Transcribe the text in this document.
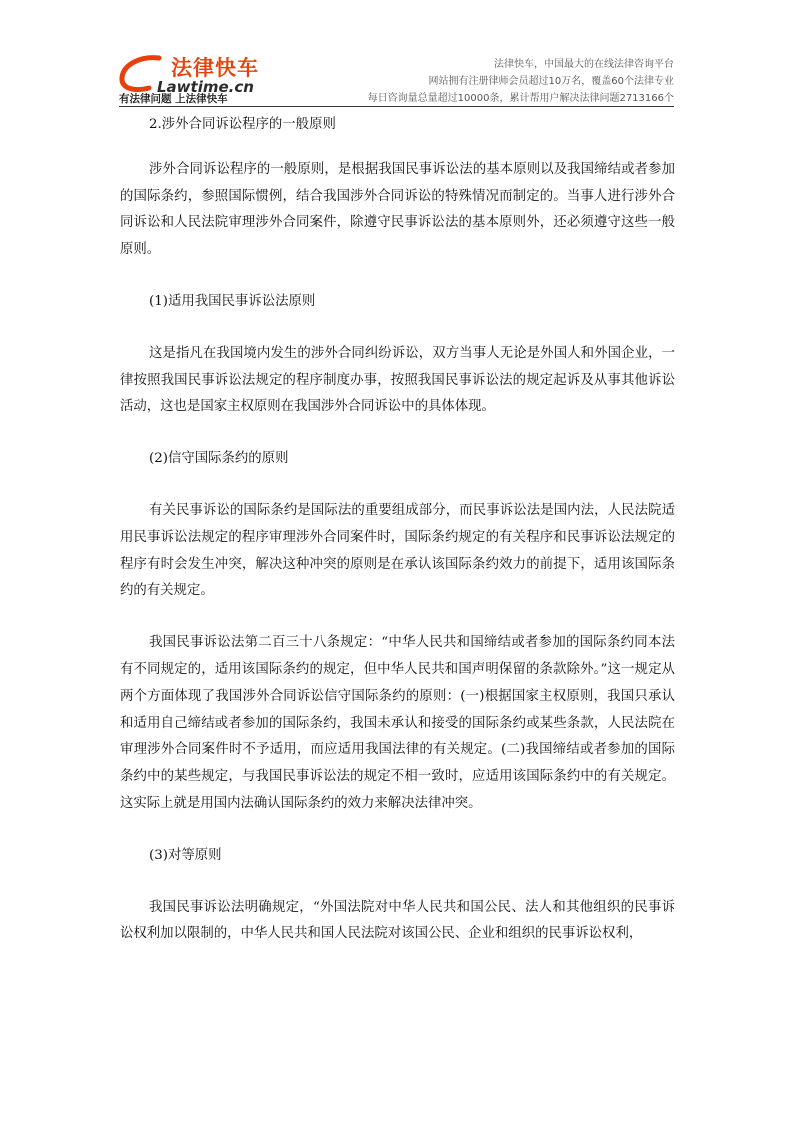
法律快车
Lawtime.cn
有法律问题 上法律快车
法律快车，中国最大的在线法律咨询平台
网站拥有注册律师会员超过10万名，覆盖60个法律专业
每日咨询量总量超过10000条，累计帮用户解决法律问题2713166个

2.涉外合同诉讼程序的一般原则

涉外合同诉讼程序的一般原则，是根据我国民事诉讼法的基本原则以及我国缔结或者参加的国际条约，参照国际惯例，结合我国涉外合同诉讼的特殊情况而制定的。当事人进行涉外合同诉讼和人民法院审理涉外合同案件，除遵守民事诉讼法的基本原则外，还必须遵守这些一般原则。

(1)适用我国民事诉讼法原则

这是指凡在我国境内发生的涉外合同纠纷诉讼，双方当事人无论是外国人和外国企业，一律按照我国民事诉讼法规定的程序制度办事，按照我国民事诉讼法的规定起诉及从事其他诉讼活动，这也是国家主权原则在我国涉外合同诉讼中的具体体现。

(2)信守国际条约的原则

有关民事诉讼的国际条约是国际法的重要组成部分，而民事诉讼法是国内法，人民法院适用民事诉讼法规定的程序审理涉外合同案件时，国际条约规定的有关程序和民事诉讼法规定的程序有时会发生冲突，解决这种冲突的原则是在承认该国际条约效力的前提下，适用该国际条约的有关规定。

我国民事诉讼法第二百三十八条规定：“中华人民共和国缔结或者参加的国际条约同本法有不同规定的，适用该国际条约的规定，但中华人民共和国声明保留的条款除外。”这一规定从两个方面体现了我国涉外合同诉讼信守国际条约的原则：(一)根据国家主权原则，我国只承认和适用自己缔结或者参加的国际条约，我国未承认和接受的国际条约或某些条款，人民法院在审理涉外合同案件时不予适用，而应适用我国法律的有关规定。(二)我国缔结或者参加的国际条约中的某些规定，与我国民事诉讼法的规定不相一致时，应适用该国际条约中的有关规定。这实际上就是用国内法确认国际条约的效力来解决法律冲突。

(3)对等原则

我国民事诉讼法明确规定，“外国法院对中华人民共和国公民、法人和其他组织的民事诉讼权利加以限制的，中华人民共和国人民法院对该国公民、企业和组织的民事诉讼权利，
